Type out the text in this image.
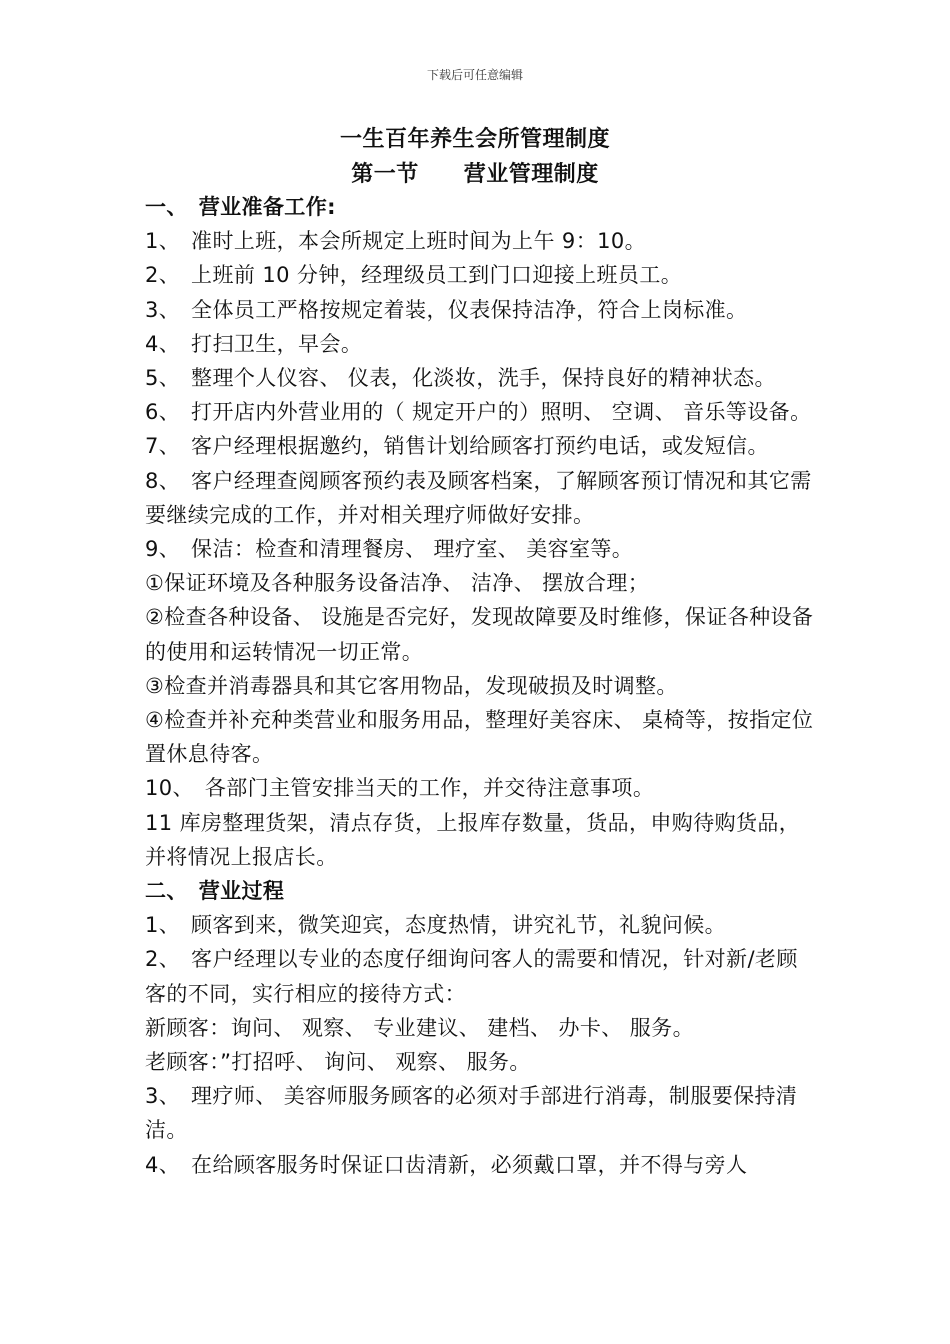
下载后可任意编辑
一生百年养生会所管理制度
第一节　　营业管理制度

一、　营业准备工作:

1、　准时上班，本会所规定上班时间为上午 9：10。

2、　上班前 10 分钟，经理级员工到门口迎接上班员工。

3、　全体员工严格按规定着装，仪表保持洁净，符合上岗标准。

4、　打扫卫生，早会。

5、　整理个人仪容、 仪表，化淡妆，洗手，保持良好的精神状态。

6、　打开店内外营业用的（ 规定开户的）照明、 空调、 音乐等设备。

7、　客户经理根据邀约，销售计划给顾客打预约电话，或发短信。

8、　客户经理查阅顾客预约表及顾客档案，了解顾客预订情况和其它需要继续完成的工作，并对相关理疗师做好安排。

9、　保洁：检查和清理餐房、 理疗室、 美容室等。

①保证环境及各种服务设备洁净、 洁净、 摆放合理；

②检查各种设备、 设施是否完好，发现故障要及时维修，保证各种设备的使用和运转情况一切正常。

③检查并消毒器具和其它客用物品，发现破损及时调整。

④检查并补充种类营业和服务用品，整理好美容床、 桌椅等，按指定位置休息待客。

10、　各部门主管安排当天的工作，并交待注意事项。

11 库房整理货架，清点存货，上报库存数量，货品，申购待购货品，并将情况上报店长。

二、　营业过程

1、　顾客到来，微笑迎宾，态度热情，讲究礼节，礼貌问候。

2、　客户经理以专业的态度仔细询问客人的需要和情况，针对新/老顾客的不同，实行相应的接待方式：

新顾客：询问、 观察、 专业建议、 建档、 办卡、 服务。

老顾客：”打招呼、 询问、 观察、 服务。

3、　理疗师、 美容师服务顾客的必须对手部进行消毒，制服要保持清洁。

4、　在给顾客服务时保证口齿清新，必须戴口罩，并不得与旁人
